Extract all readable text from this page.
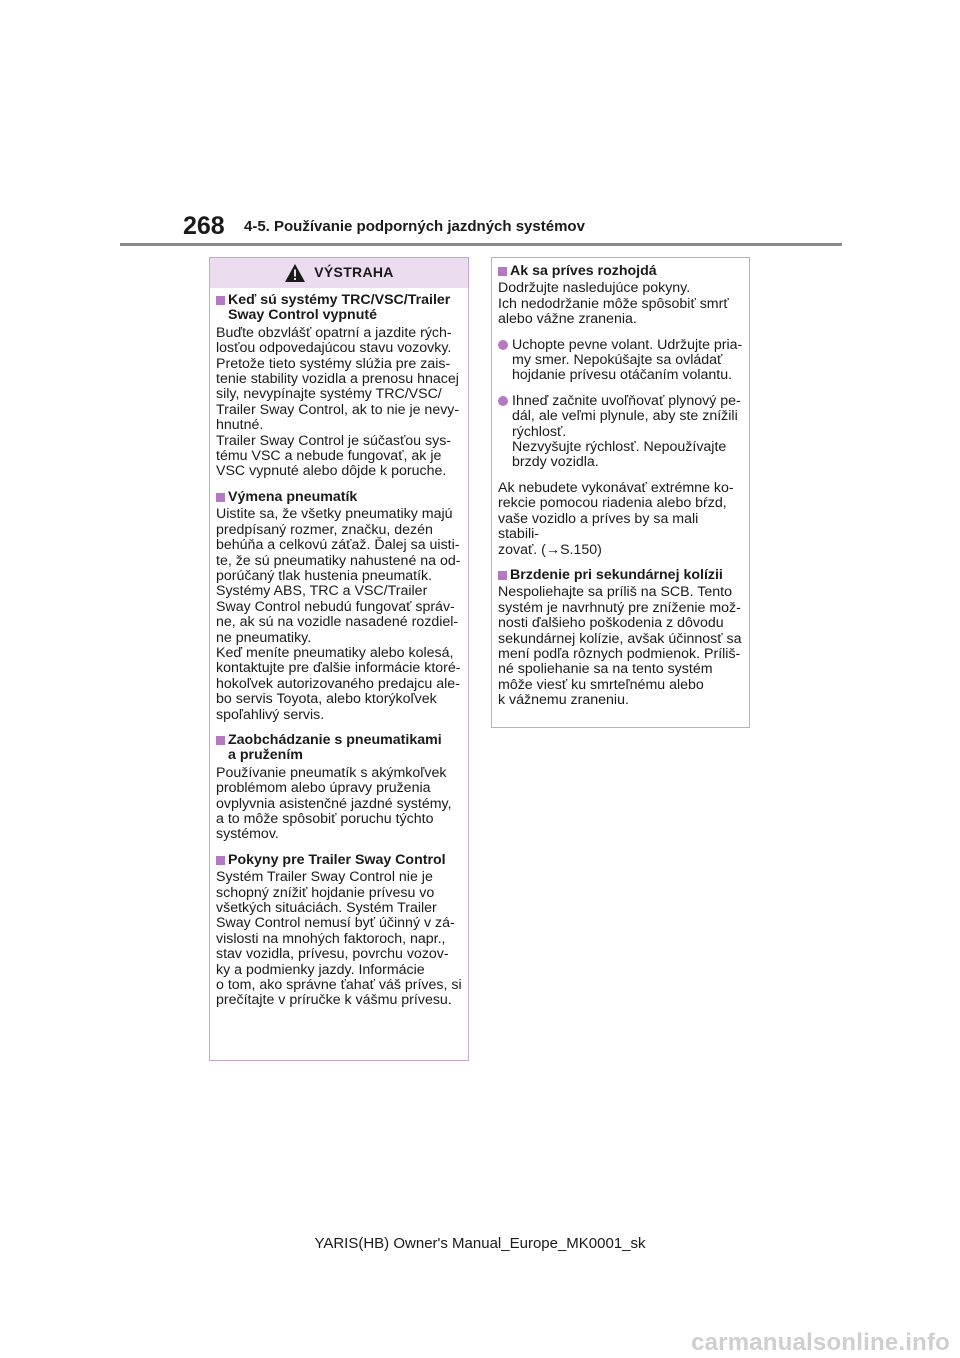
268 4-5. Používanie podporných jazdných systémov
VÝSTRAHA
Keď sú systémy TRC/VSC/Trailer
Sway Control vypnuté
Buďte obzvlášť opatrní a jazdite rých-
losťou odpovedajúcou stavu vozovky.
Pretože tieto systémy slúžia pre zais-
tenie stability vozidla a prenosu hnacej
sily, nevypínajte systémy TRC/VSC/
Trailer Sway Control, ak to nie je nevy-
hnutné.
Trailer Sway Control je súčasťou sys-
tému VSC a nebude fungovať, ak je
VSC vypnuté alebo dôjde k poruche.
Výmena pneumatík
Uistite sa, že všetky pneumatiky majú
predpísaný rozmer, značku, dezén
behúňa a celkovú záťaž. Ďalej sa uisti-
te, že sú pneumatiky nahustené na od-
porúčaný tlak hustenia pneumatík.
Systémy ABS, TRC a VSC/Trailer
Sway Control nebudú fungovať správ-
ne, ak sú na vozidle nasadené rozdiel-
ne pneumatiky.
Keď meníte pneumatiky alebo kolesá,
kontaktujte pre ďalšie informácie ktoré-
hokoľvek autorizovaného predajcu ale-
bo servis Toyota, alebo ktorýkoľvek
spoľahlivý servis.
Zaobchádzanie s pneumatikami
a pružením
Používanie pneumatík s akýmkoľvek
problémom alebo úpravy pruženia
ovplyvnia asistenčné jazdné systémy,
a to môže spôsobiť poruchu týchto
systémov.
Pokyny pre Trailer Sway Control
Systém Trailer Sway Control nie je
schopný znížiť hojdanie prívesu vo
všetkých situáciách. Systém Trailer
Sway Control nemusí byť účinný v zá-
vislosti na mnohých faktoroch, napr.,
stav vozidla, prívesu, povrchu vozov-
ky a podmienky jazdy. Informácie
o tom, ako správne ťahať váš príves, si
prečítajte v príručke k vášmu prívesu.
Ak sa príves rozhojdá
Dodržujte nasledujúce pokyny.
Ich nedodržanie môže spôsobiť smrť
alebo vážne zranenia.
Uchopte pevne volant. Udržujte pria-
my smer. Nepokúšajte sa ovládať
hojdanie prívesu otáčaním volantu.
Ihneď začnite uvoľňovať plynový pe-
dál, ale veľmi plynule, aby ste znížili
rýchlosť.
Nezvyšujte rýchlosť. Nepoužívajte
brzdy vozidla.
Ak nebudete vykonávať extrémne ko-
rekcie pomocou riadenia alebo bŕzd,
vaše vozidlo a príves by sa mali stabili-
zovať. (→S.150)
Brzdenie pri sekundárnej kolízii
Nespoliehajte sa príliš na SCB. Tento
systém je navrhnutý pre zníženie mož-
nosti ďalšieho poškodenia z dôvodu
sekundárnej kolízie, avšak účinnosť sa
mení podľa rôznych podmienok. Príliš-
né spoliehanie sa na tento systém
môže viesť ku smrteľnému alebo
k vážnemu zraneniu.
YARIS(HB) Owner's Manual_Europe_MK0001_sk
carmanualsonline.info
